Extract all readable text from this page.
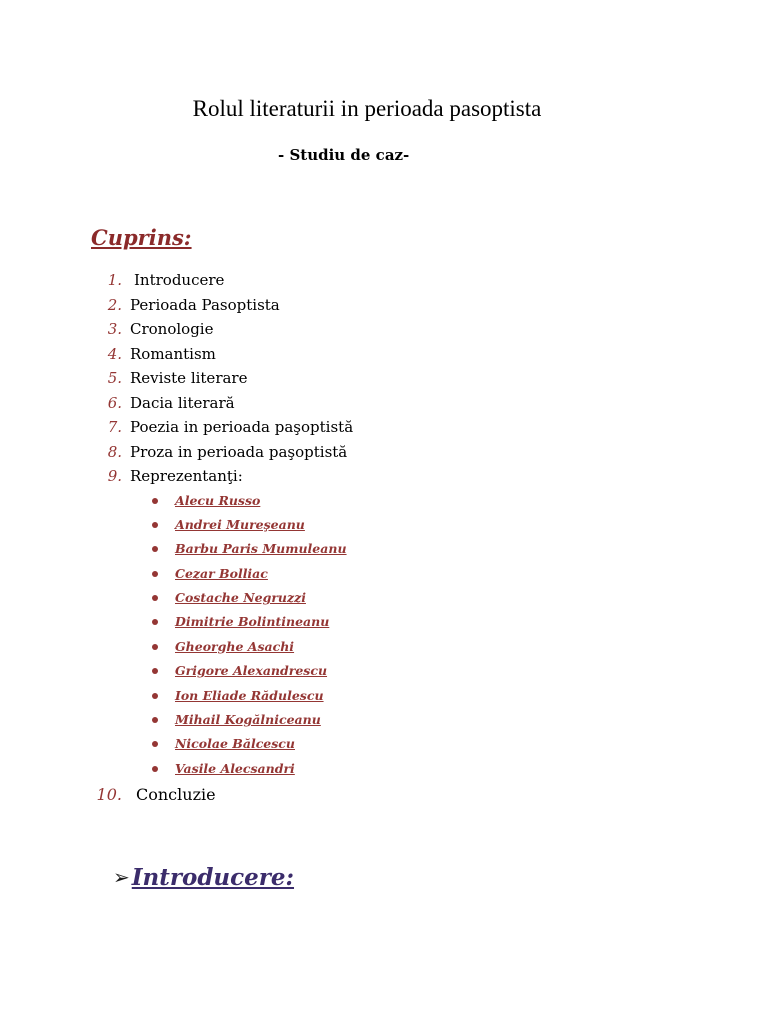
Rolul literaturii in perioada pasoptista
- Studiu de caz-
Cuprins:
1. Introducere
2. Perioada Pasoptista
3. Cronologie
4. Romantism
5. Reviste literare
6. Dacia literară
7. Poezia in perioada paşoptistă
8. Proza in perioada paşoptistă
9. Reprezentanţi:
Alecu Russo
Andrei Mureşeanu
Barbu Paris Mumuleanu
Cezar Bolliac
Costache Negruzzi
Dimitrie Bolintineanu
Gheorghe Asachi
Grigore Alexandrescu
Ion Eliade Rădulescu
Mihail Kogălniceanu
Nicolae Bălcescu
Vasile Alecsandri
10. Concluzie
➢Introducere:
